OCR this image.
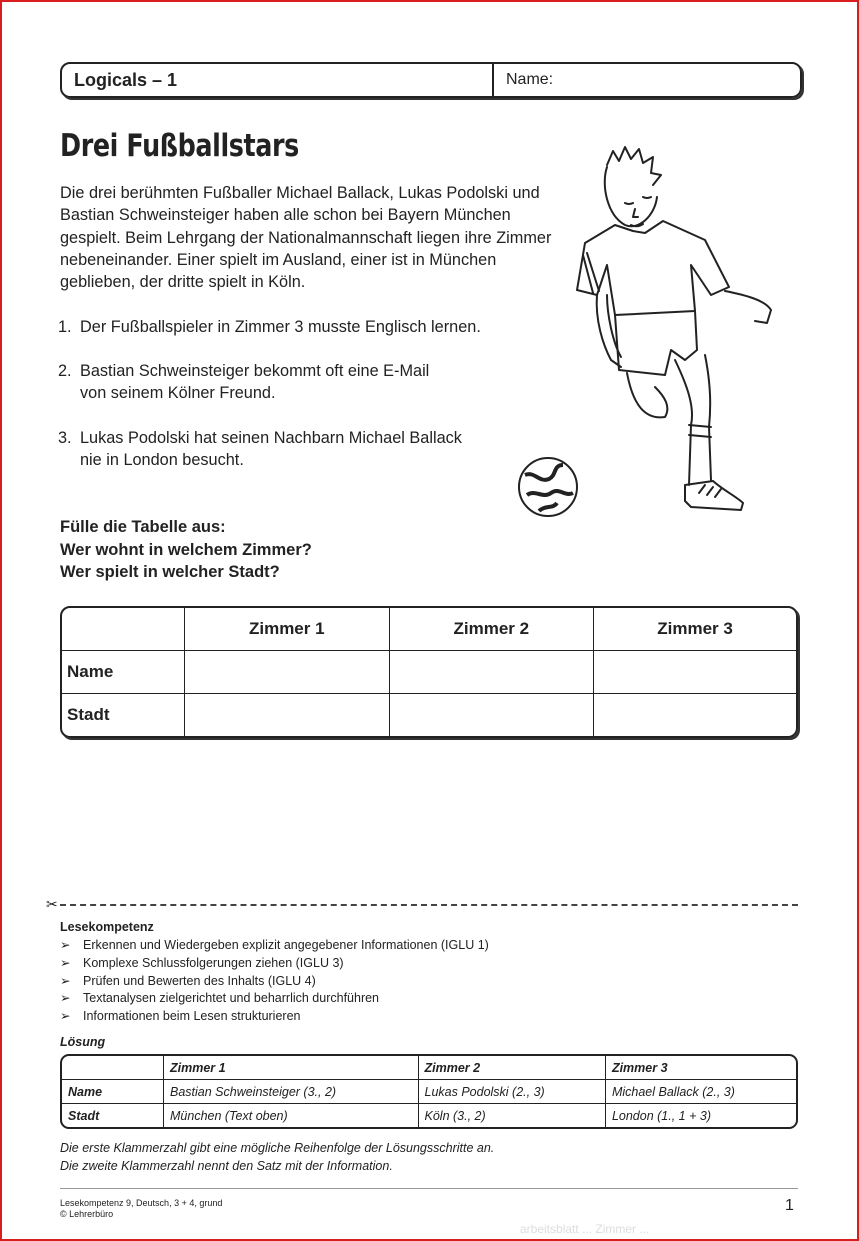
Logicals – 1	Name:
Drei Fußballstars
Die drei berühmten Fußballer Michael Ballack, Lukas Podolski und Bastian Schweinsteiger haben alle schon bei Bayern München gespielt. Beim Lehrgang der Nationalmannschaft liegen ihre Zimmer nebeneinander. Einer spielt im Ausland, einer ist in München geblieben, der dritte spielt in Köln.
1. Der Fußballspieler in Zimmer 3 musste Englisch lernen.
2. Bastian Schweinsteiger bekommt oft eine E-Mail
von seinem Kölner Freund.
3. Lukas Podolski hat seinen Nachbarn Michael Ballack
nie in London besucht.
Fülle die Tabelle aus:
Wer wohnt in welchem Zimmer?
Wer spielt in welcher Stadt?
	Zimmer 1	Zimmer 2	Zimmer 3
Name			
Stadt			
✂
Lesekompetenz
➢ Erkennen und Wiedergeben explizit angegebener Informationen (IGLU 1)
➢ Komplexe Schlussfolgerungen ziehen (IGLU 3)
➢ Prüfen und Bewerten des Inhalts (IGLU 4)
➢ Textanalysen zielgerichtet und beharrlich durchführen
➢ Informationen beim Lesen strukturieren
Lösung
	Zimmer 1	Zimmer 2	Zimmer 3
Name	Bastian Schweinsteiger (3., 2)	Lukas Podolski (2., 3)	Michael Ballack (2., 3)
Stadt	München (Text oben)	Köln (3., 2)	London (1., 1 + 3)
Die erste Klammerzahl gibt eine mögliche Reihenfolge der Lösungsschritte an.
Die zweite Klammerzahl nennt den Satz mit der Information.
Lesekompetenz 9, Deutsch, 3 + 4, grund
© Lehrerbüro	1
arbeitsblatt ... Zimmer ...
